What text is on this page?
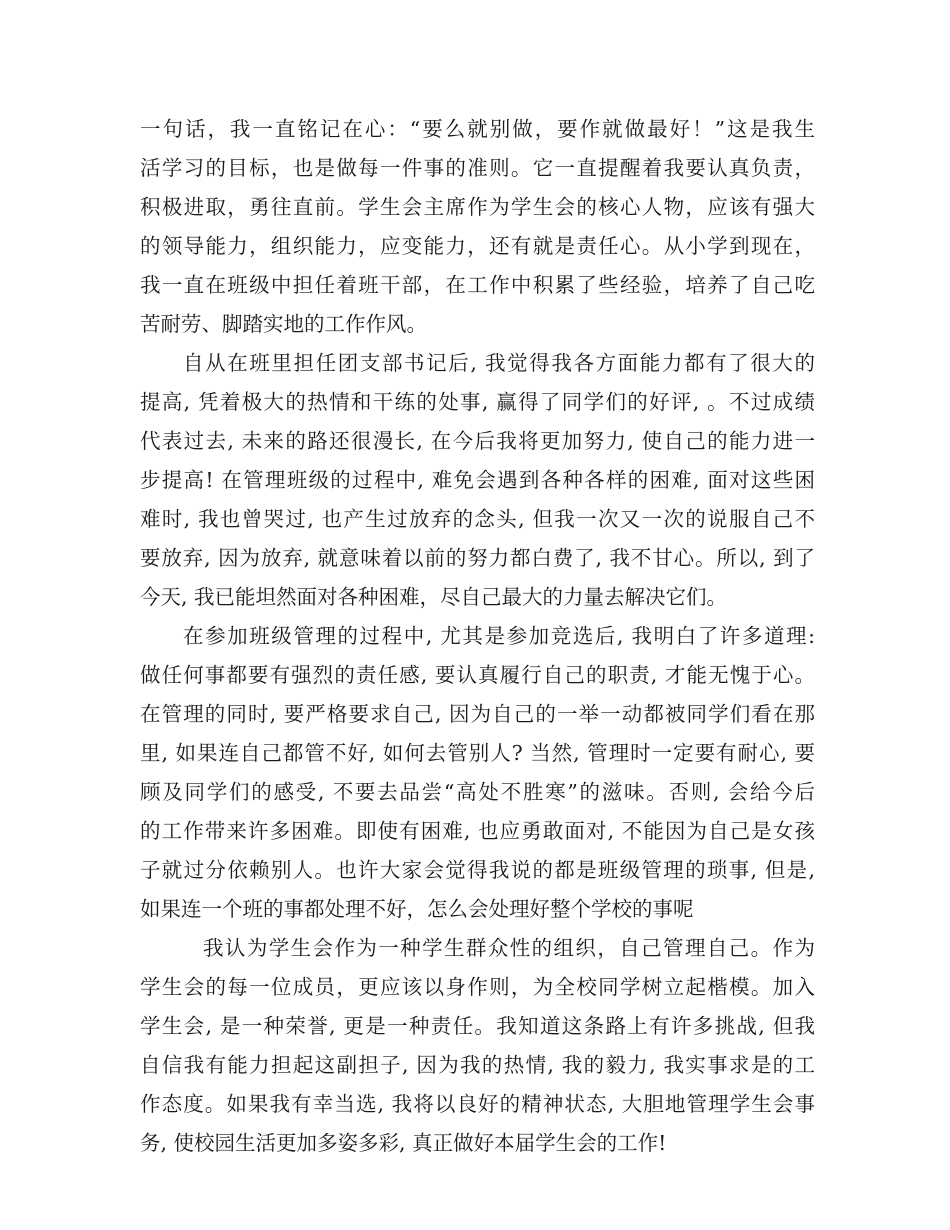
一句话，我一直铭记在心：“要么就别做，要作就做最好！”这是我生
活学习的目标，也是做每一件事的准则。它一直提醒着我要认真负责，
积极进取，勇往直前。学生会主席作为学生会的核心人物，应该有强大
的领导能力，组织能力，应变能力，还有就是责任心。从小学到现在，
我一直在班级中担任着班干部，在工作中积累了些经验，培养了自己吃
苦耐劳、脚踏实地的工作作风。
自从在班里担任团支部书记后, 我觉得我各方面能力都有了很大的
提高, 凭着极大的热情和干练的处事, 赢得了同学们的好评, 。不过成绩
代表过去, 未来的路还很漫长, 在今后我将更加努力, 使自己的能力进一
步提高! 在管理班级的过程中, 难免会遇到各种各样的困难, 面对这些困
难时, 我也曾哭过, 也产生过放弃的念头, 但我一次又一次的说服自己不
要放弃, 因为放弃, 就意味着以前的努力都白费了, 我不甘心。所以, 到了
今天, 我已能坦然面对各种困难，尽自己最大的力量去解决它们。
在参加班级管理的过程中, 尤其是参加竞选后, 我明白了许多道理:
做任何事都要有强烈的责任感, 要认真履行自己的职责, 才能无愧于心。
在管理的同时, 要严格要求自己, 因为自己的一举一动都被同学们看在那
里, 如果连自己都管不好, 如何去管别人? 当然, 管理时一定要有耐心, 要
顾及同学们的感受, 不要去品尝“高处不胜寒”的滋味。否则, 会给今后
的工作带来许多困难。即使有困难, 也应勇敢面对, 不能因为自己是女孩
子就过分依赖别人。也许大家会觉得我说的都是班级管理的琐事, 但是,
如果连一个班的事都处理不好，怎么会处理好整个学校的事呢
我认为学生会作为一种学生群众性的组织，自己管理自己。作为
学生会的每一位成员，更应该以身作则，为全校同学树立起楷模。加入
学生会, 是一种荣誉, 更是一种责任。我知道这条路上有许多挑战, 但我
自信我有能力担起这副担子, 因为我的热情, 我的毅力, 我实事求是的工
作态度。如果我有幸当选, 我将以良好的精神状态, 大胆地管理学生会事
务, 使校园生活更加多姿多彩, 真正做好本届学生会的工作!
